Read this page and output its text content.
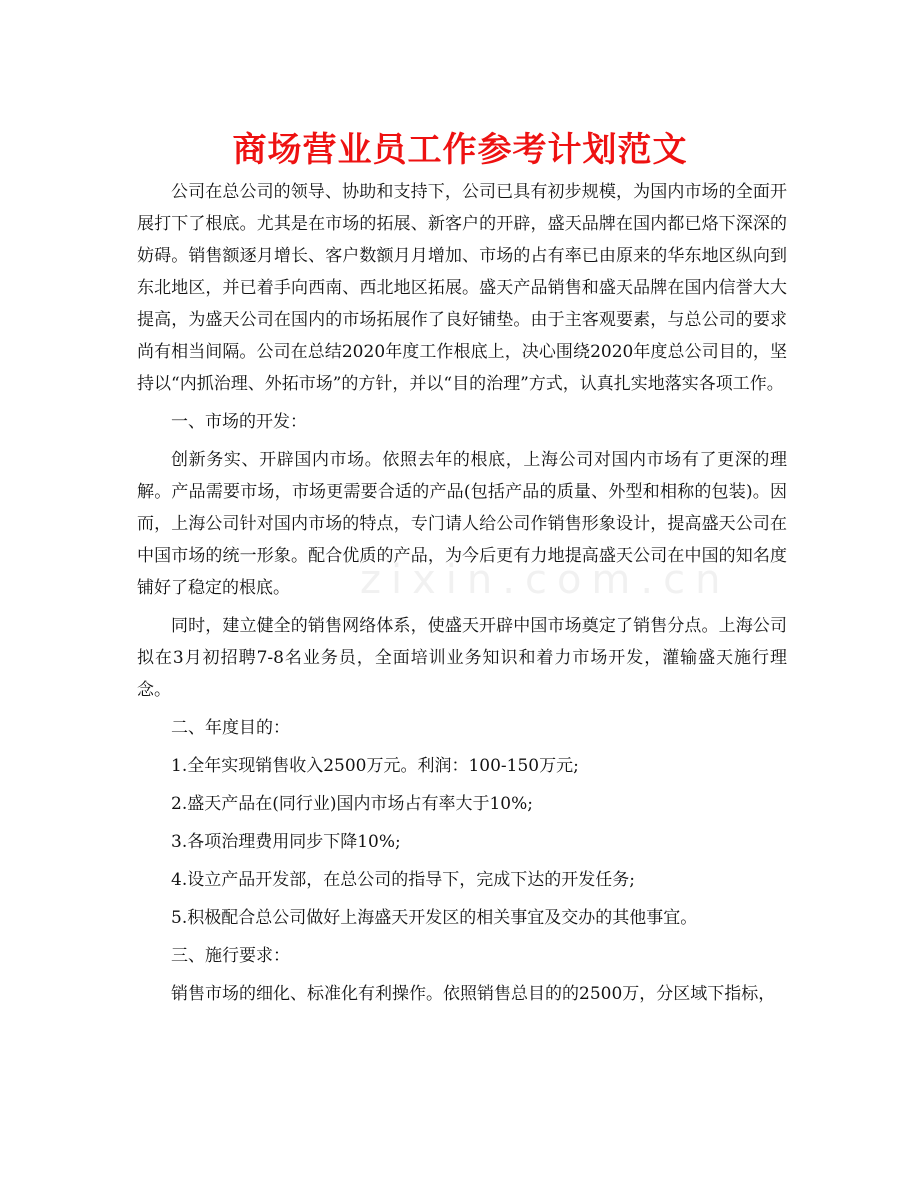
zixin.com.cn
商场营业员工作参考计划范文

公司在总公司的领导、协助和支持下，公司已具有初步规模，为国内市场的全面开展打下了根底。尤其是在市场的拓展、新客户的开辟，盛天品牌在国内都已烙下深深的妨碍。销售额逐月增长、客户数额月月增加、市场的占有率已由原来的华东地区纵向到东北地区，并已着手向西南、西北地区拓展。盛天产品销售和盛天品牌在国内信誉大大提高，为盛天公司在国内的市场拓展作了良好铺垫。由于主客观要素，与总公司的要求尚有相当间隔。公司在总结2020年度工作根底上，决心围绕2020年度总公司目的，坚持以“内抓治理、外拓市场”的方针，并以“目的治理”方式，认真扎实地落实各项工作。

一、市场的开发：

创新务实、开辟国内市场。依照去年的根底，上海公司对国内市场有了更深的理解。产品需要市场，市场更需要合适的产品(包括产品的质量、外型和相称的包装)。因而，上海公司针对国内市场的特点，专门请人给公司作销售形象设计，提高盛天公司在中国市场的统一形象。配合优质的产品，为今后更有力地提高盛天公司在中国的知名度铺好了稳定的根底。

同时，建立健全的销售网络体系，使盛天开辟中国市场奠定了销售分点。上海公司拟在3月初招聘7-8名业务员，全面培训业务知识和着力市场开发，灌输盛天施行理念。

二、年度目的：

1.全年实现销售收入2500万元。利润：100-150万元;

2.盛天产品在(同行业)国内市场占有率大于10%;

3.各项治理费用同步下降10%;

4.设立产品开发部，在总公司的指导下，完成下达的开发任务;

5.积极配合总公司做好上海盛天开发区的相关事宜及交办的其他事宜。

三、施行要求：

销售市场的细化、标准化有利操作。依照销售总目的的2500万，分区域下指标，
